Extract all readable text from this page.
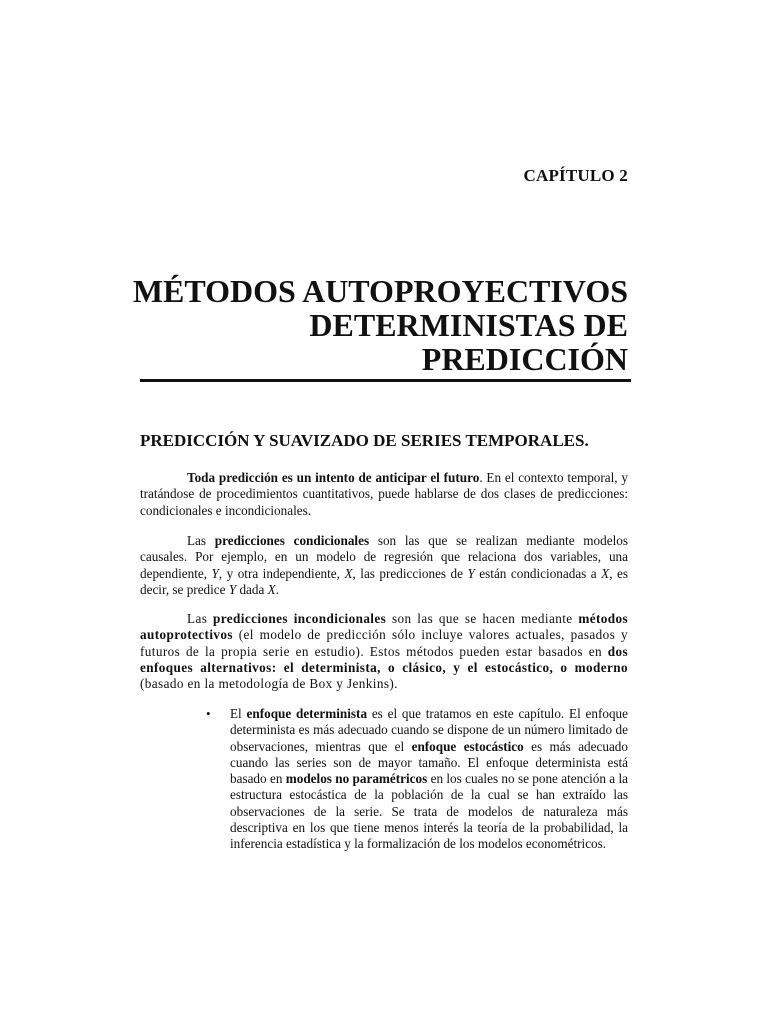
CAPÍTULO 2
MÉTODOS AUTOPROYECTIVOS
DETERMINISTAS DE
PREDICCIÓN
PREDICCIÓN Y SUAVIZADO DE SERIES TEMPORALES.
Toda predicción es un intento de anticipar el futuro. En el contexto temporal, y tratándose de procedimientos cuantitativos, puede hablarse de dos clases de predicciones: condicionales e incondicionales.
Las predicciones condicionales son las que se realizan mediante modelos causales. Por ejemplo, en un modelo de regresión que relaciona dos variables, una dependiente, Y, y otra independiente, X, las predicciones de Y están condicionadas a X, es decir, se predice Y dada X.
Las predicciones incondicionales son las que se hacen mediante métodos autoprotectivos (el modelo de predicción sólo incluye valores actuales, pasados y futuros de la propia serie en estudio). Estos métodos pueden estar basados en dos enfoques alternativos: el determinista, o clásico, y el estocástico, o moderno (basado en la metodología de Box y Jenkins).
• El enfoque determinista es el que tratamos en este capítulo. El enfoque determinista es más adecuado cuando se dispone de un número limitado de observaciones, mientras que el enfoque estocástico es más adecuado cuando las series son de mayor tamaño. El enfoque determinista está basado en modelos no paramétricos en los cuales no se pone atención a la estructura estocástica de la población de la cual se han extraído las observaciones de la serie. Se trata de modelos de naturaleza más descriptiva en los que tiene menos interés la teoría de la probabilidad, la inferencia estadística y la formalización de los modelos econométricos.
